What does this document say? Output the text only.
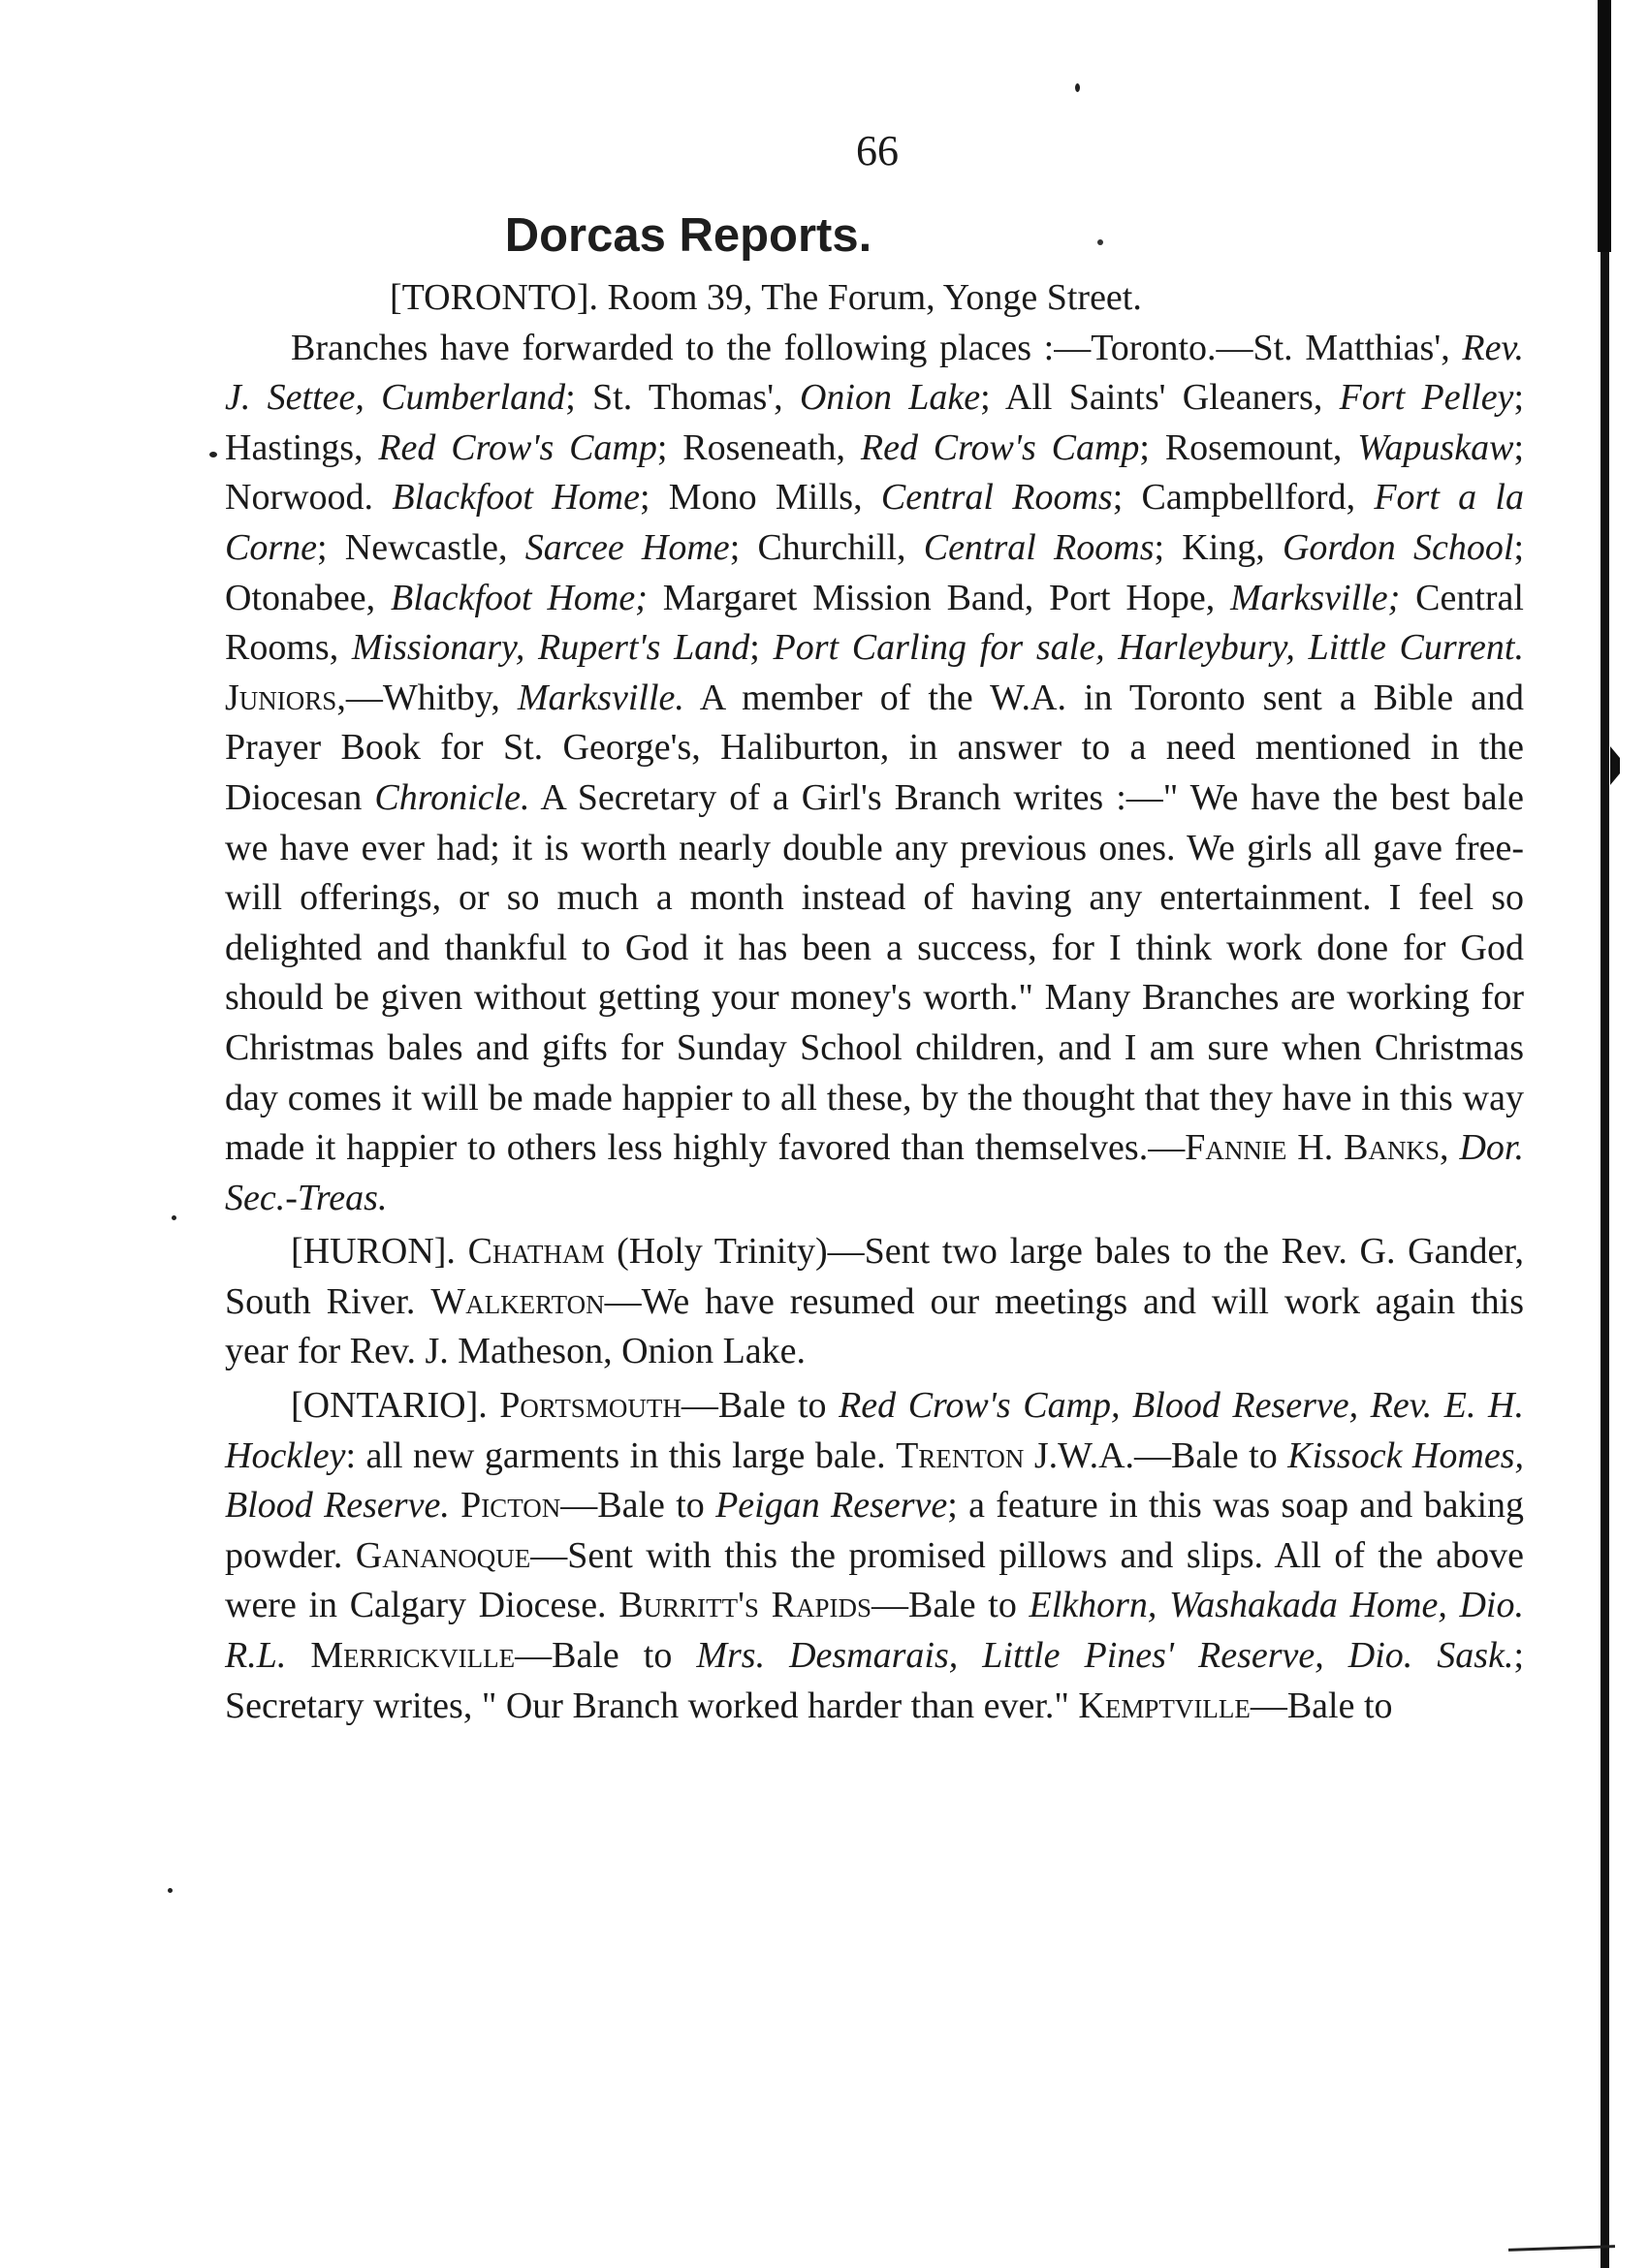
66
Dorcas Reports.

[TORONTO]. Room 39, The Forum, Yonge Street.

Branches have forwarded to the following places :—Toronto.—St. Matthias', Rev. J. Settee, Cumberland; St. Thomas', Onion Lake; All Saints' Gleaners, Fort Pelley; Hastings, Red Crow's Camp; Roseneath, Red Crow's Camp; Rosemount, Wapuskaw; Norwood. Blackfoot Home; Mono Mills, Central Rooms; Campbellford, Fort a la Corne; Newcastle, Sarcee Home; Churchill, Central Rooms; King, Gordon School; Otonabee, Blackfoot Home; Margaret Mission Band, Port Hope, Marksville; Central Rooms, Missionary, Rupert's Land; Port Carling for sale, Harleybury, Little Current. Juniors,—Whitby, Marksville. A member of the W.A. in Toronto sent a Bible and Prayer Book for St. George's, Haliburton, in answer to a need mentioned in the Diocesan Chronicle. A Secretary of a Girl's Branch writes :—" We have the best bale we have ever had; it is worth nearly double any previous ones. We girls all gave free-will offerings, or so much a month instead of having any entertainment. I feel so delighted and thankful to God it has been a success, for I think work done for God should be given without getting your money's worth." Many Branches are working for Christmas bales and gifts for Sunday School children, and I am sure when Christmas day comes it will be made happier to all these, by the thought that they have in this way made it happier to others less highly favored than themselves.—Fannie H. Banks, Dor. Sec.-Treas.

[HURON]. Chatham (Holy Trinity)—Sent two large bales to the Rev. G. Gander, South River. Walkerton—We have resumed our meetings and will work again this year for Rev. J. Matheson, Onion Lake.

[ONTARIO]. Portsmouth—Bale to Red Crow's Camp, Blood Reserve, Rev. E. H. Hockley: all new garments in this large bale. Trenton J.W.A.—Bale to Kissock Homes, Blood Reserve. Picton—Bale to Peigan Reserve; a feature in this was soap and baking powder. Gananoque—Sent with this the promised pillows and slips. All of the above were in Calgary Diocese. Burritt's Rapids—Bale to Elkhorn, Washakada Home, Dio. R.L. Merrickville—Bale to Mrs. Desmarais, Little Pines' Reserve, Dio. Sask.; Secretary writes, " Our Branch worked harder than ever." Kemptville—Bale to
